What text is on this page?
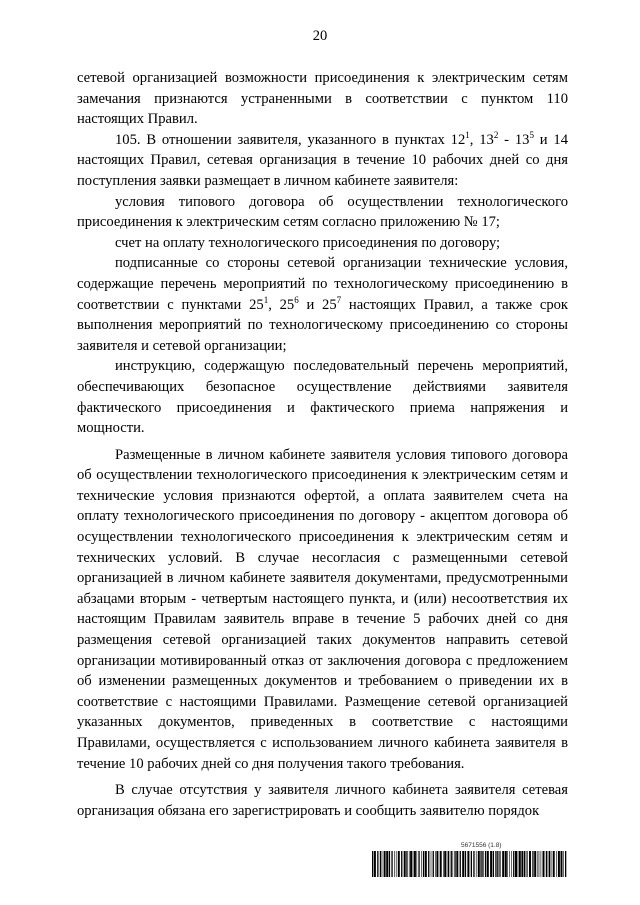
20

сетевой организацией возможности присоединения к электрическим сетям замечания признаются устраненными в соответствии с пунктом 110 настоящих Правил.

105. В отношении заявителя, указанного в пунктах $12^1$, $13^2 - 13^5$ и 14 настоящих Правил, сетевая организация в течение 10 рабочих дней со дня поступления заявки размещает в личном кабинете заявителя:

условия типового договора об осуществлении технологического присоединения к электрическим сетям согласно приложению № 17;

счет на оплату технологического присоединения по договору;

подписанные со стороны сетевой организации технические условия, содержащие перечень мероприятий по технологическому присоединению в соответствии с пунктами $25^1$, $25^6$ и $25^7$ настоящих Правил, а также срок выполнения мероприятий по технологическому присоединению со стороны заявителя и сетевой организации;

инструкцию, содержащую последовательный перечень мероприятий, обеспечивающих безопасное осуществление действиями заявителя фактического присоединения и фактического приема напряжения и мощности.

Размещенные в личном кабинете заявителя условия типового договора об осуществлении технологического присоединения к электрическим сетям и технические условия признаются офертой, а оплата заявителем счета на оплату технологического присоединения по договору - акцептом договора об осуществлении технологического присоединения к электрическим сетям и технических условий. В случае несогласия с размещенными сетевой организацией в личном кабинете заявителя документами, предусмотренными абзацами вторым - четвертым настоящего пункта, и (или) несоответствия их настоящим Правилам заявитель вправе в течение 5 рабочих дней со дня размещения сетевой организацией таких документов направить сетевой организации мотивированный отказ от заключения договора с предложением об изменении размещенных документов и требованием о приведении их в соответствие с настоящими Правилами. Размещение сетевой организацией указанных документов, приведенных в соответствие с настоящими Правилами, осуществляется с использованием личного кабинета заявителя в течение 10 рабочих дней со дня получения такого требования.

В случае отсутствия у заявителя личного кабинета заявителя сетевая организация обязана его зарегистрировать и сообщить заявителю порядок

5671556 (1.8)
